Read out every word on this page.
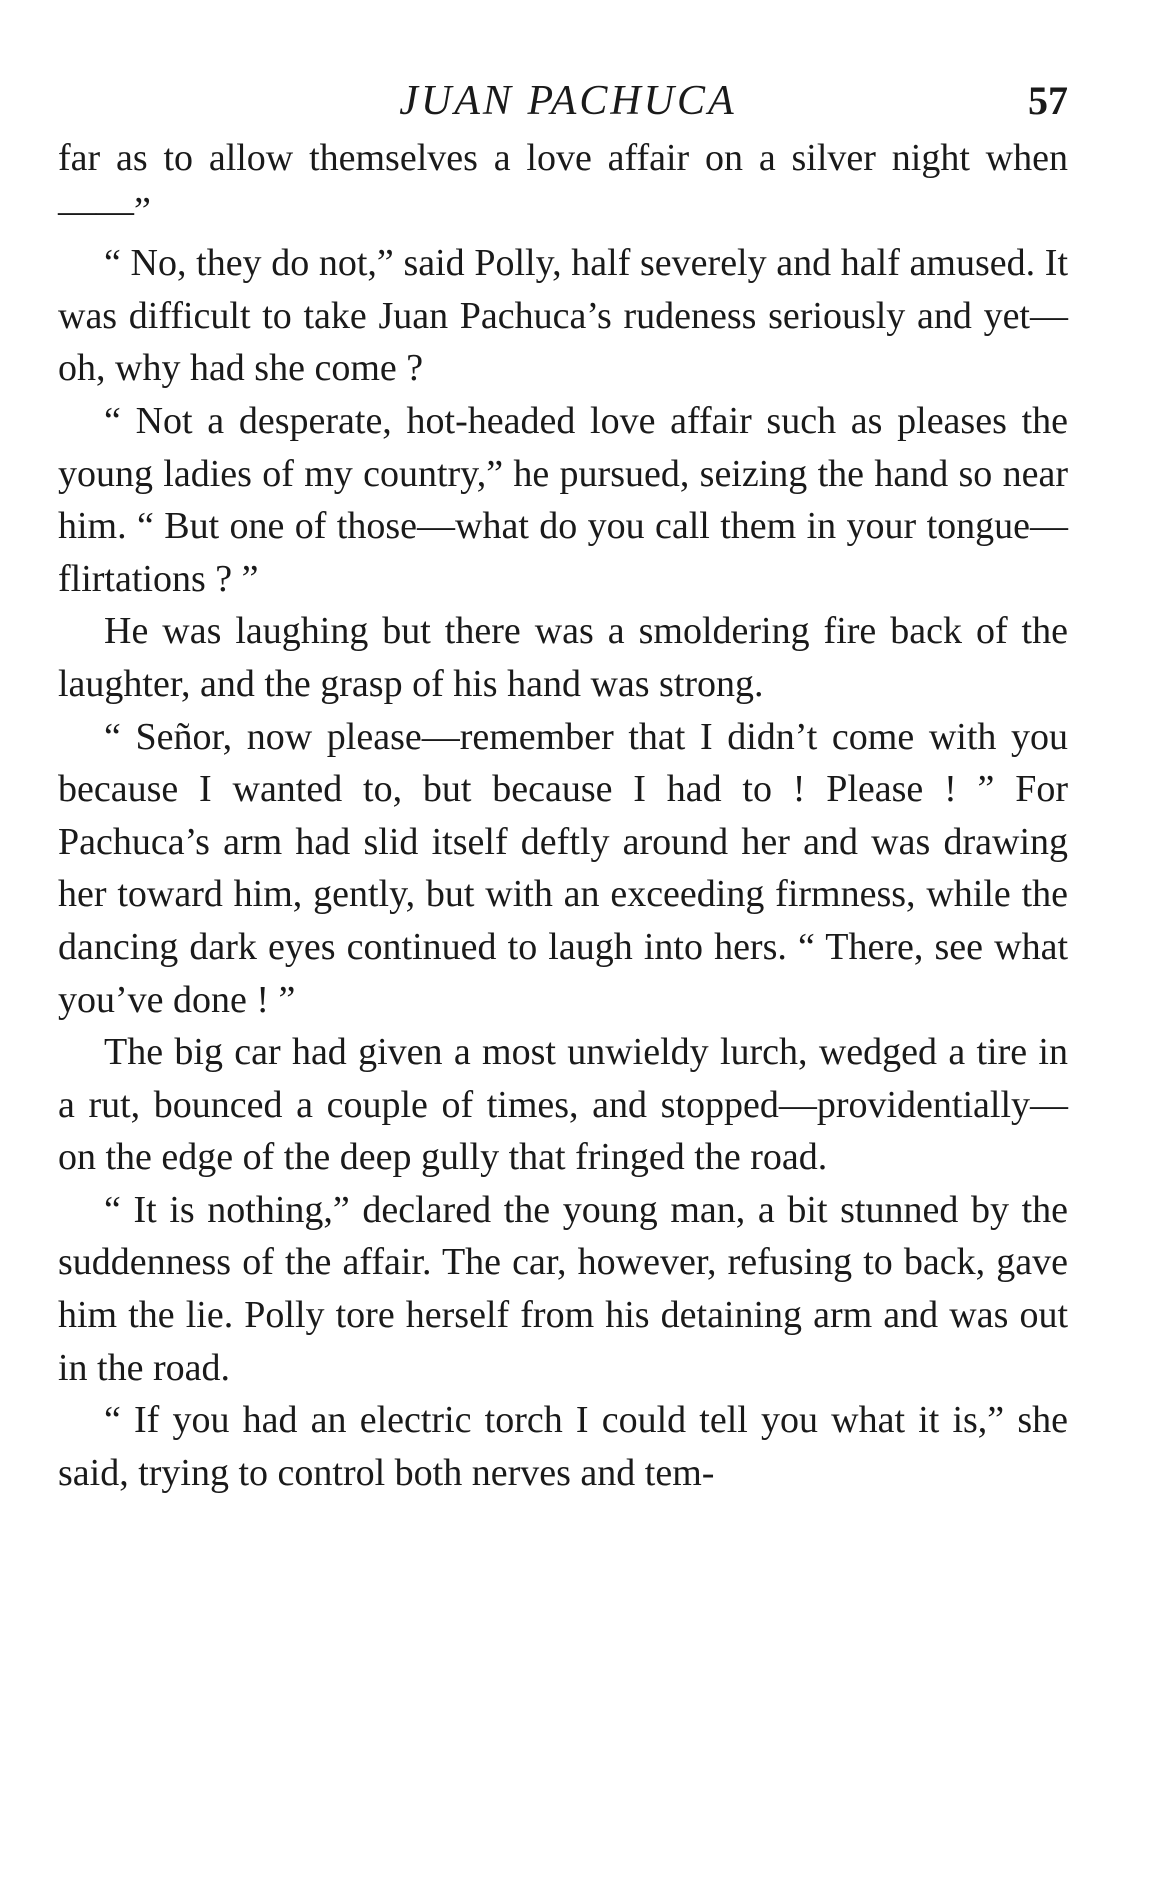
JUAN PACHUCA	57

far as to allow themselves a love affair on a silver night when ——”

“ No, they do not,” said Polly, half severely and half amused. It was difficult to take Juan Pachuca’s rudeness seriously and yet—oh, why had she come ?

“ Not a desperate, hot-headed love affair such as pleases the young ladies of my country,” he pursued, seizing the hand so near him. “ But one of those—what do you call them in your tongue—flirtations ? ”

He was laughing but there was a smoldering fire back of the laughter, and the grasp of his hand was strong.

“ Señor, now please—remember that I didn’t come with you because I wanted to, but because I had to ! Please ! ” For Pachuca’s arm had slid itself deftly around her and was drawing her toward him, gently, but with an exceeding firmness, while the dancing dark eyes continued to laugh into hers. “ There, see what you’ve done ! ”

The big car had given a most unwieldy lurch, wedged a tire in a rut, bounced a couple of times, and stopped—providentially—on the edge of the deep gully that fringed the road.

“ It is nothing,” declared the young man, a bit stunned by the suddenness of the affair. The car, however, refusing to back, gave him the lie. Polly tore herself from his detaining arm and was out in the road.

“ If you had an electric torch I could tell you what it is,” she said, trying to control both nerves and tem-
